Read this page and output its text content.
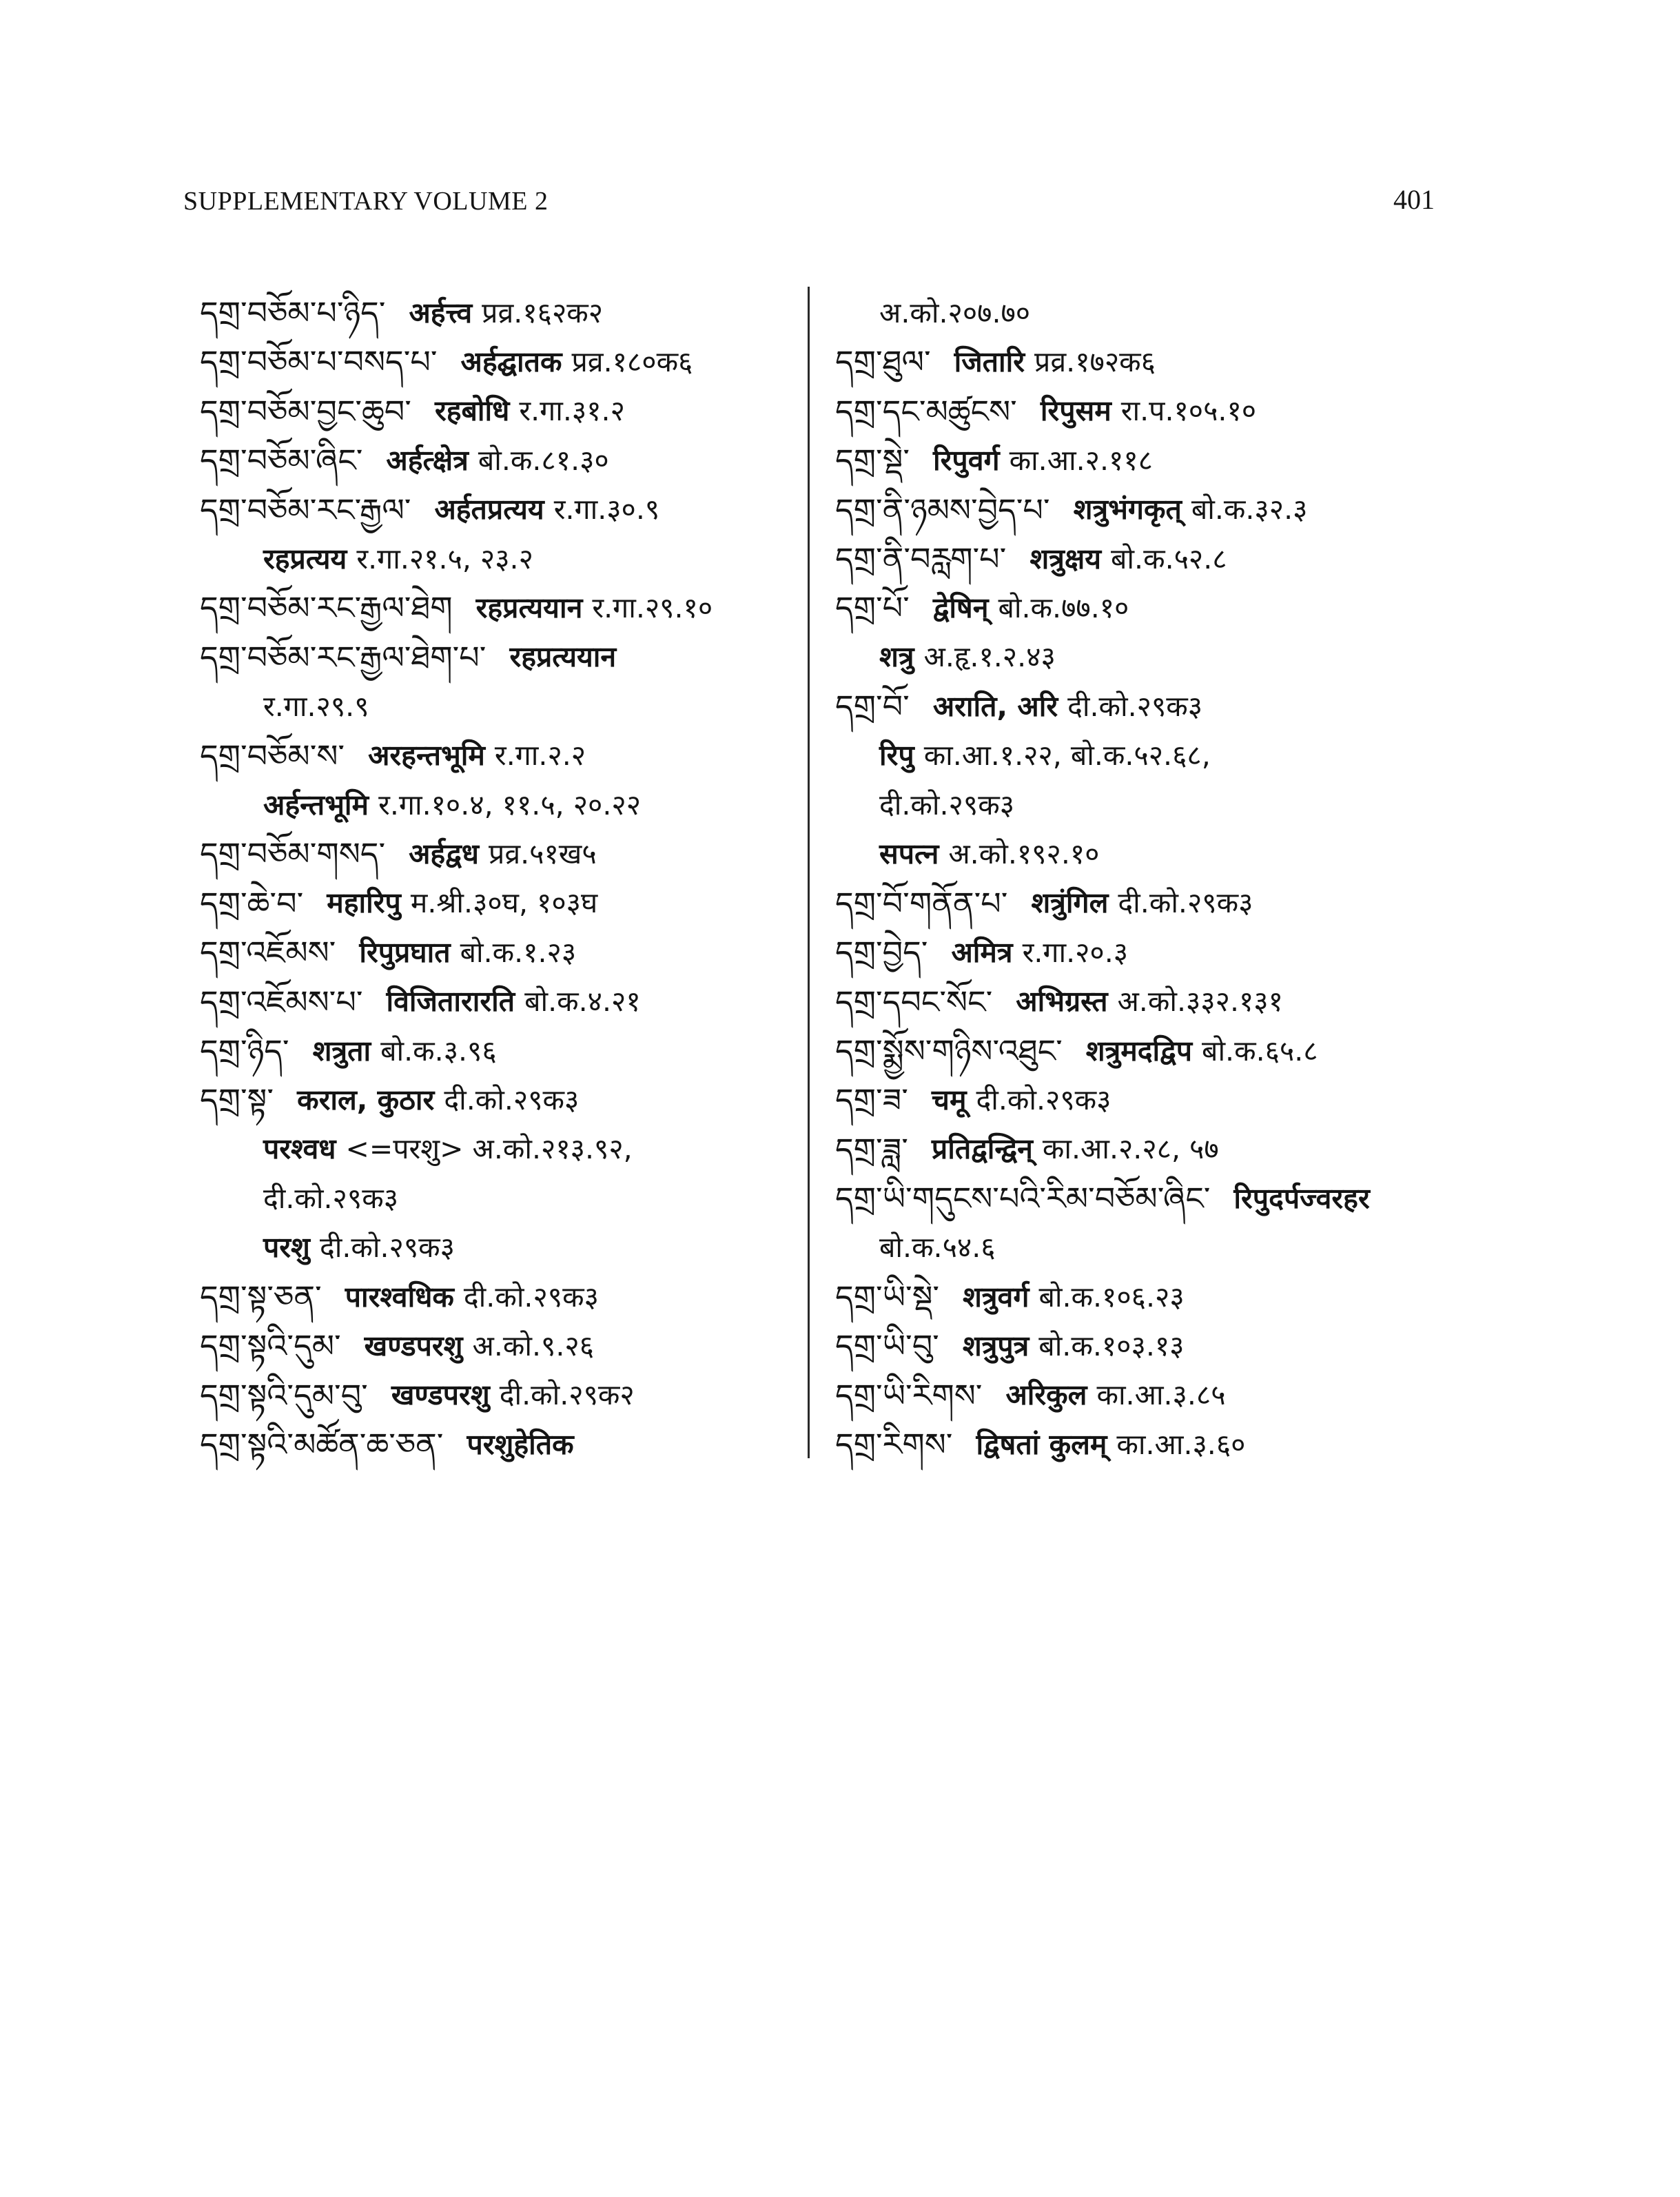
SUPPLEMENTARY VOLUME 2	401
དགྲ་བཅོམ་པ་ཉིད་ अर्हत्त्व प्रव्र.१६२क२
དགྲ་བཅོམ་པ་བསད་པ་ अर्हद्घातक प्रव्र.१८०क६
དགྲ་བཅོམ་བྱང་ཆུབ་ रहबोधि र.गा.३१.२
དགྲ་བཅོམ་ཞིང་ अर्हत्क्षेत्र बो.क.८१.३०
དགྲ་བཅོམ་རང་རྒྱལ་ अर्हतप्रत्यय र.गा.३०.९
रहप्रत्यय र.गा.२१.५, २३.२
དགྲ་བཅོམ་རང་རྒྱལ་ཐེག रहप्रत्ययान र.गा.२९.१०
དགྲ་བཅོམ་རང་རྒྱལ་ཐེག་པ་ रहप्रत्ययान
र.गा.२९.९
དགྲ་བཅོམ་ས་ अरहन्तभूमि र.गा.२.२
अर्हन्तभूमि र.गा.१०.४, ११.५, २०.२२
དགྲ་བཅོམ་གསད་ अर्हद्वध प्रव्र.५१ख५
དགྲ་ཆེ་བ་ महारिपु म.श्री.३०घ, १०३घ
དགྲ་འཇོམས་ रिपुप्रघात बो.क.१.२३
དགྲ་འཇོམས་པ་ विजितारारति बो.क.४.२१
དགྲ་ཉིད་ शत्रुता बो.क.३.९६
དགྲ་སྟ་ कराल, कुठार दी.को.२९क३
परश्वध <=परशु> अ.को.२१३.९२,
दी.को.२९क३
परशु दी.को.२९क३
དགྲ་སྟ་ཅན་ पारश्वधिक दी.को.२९क३
དགྲ་སྟའི་དུམ་ खण्डपरशु अ.को.९.२६
དགྲ་སྟའི་དུམ་བུ་ खण्डपरशु दी.को.२९क२
དགྲ་སྟའི་མཚོན་ཆ་ཅན་ परशुहेतिक
अ.को.२०७.७०
དགྲ་ཐུལ་ जितारि प्रव्र.१७२क६
དགྲ་དང་མཚུངས་ रिपुसम रा.प.१०५.१०
དགྲ་སྡེ་ रिपुवर्ग का.आ.२.११८
དགྲ་ནི་ཉམས་བྱེད་པ་ शत्रुभंगकृत् बो.क.३२.३
དགྲ་ནི་བརླག་པ་ शत्रुक्षय बो.क.५२.८
དགྲ་པོ་ द्वेषिन् बो.क.७७.१०
शत्रु अ.हृ.१.२.४३
དགྲ་བོ་ अराति, अरि दी.को.२९क३
रिपु का.आ.१.२२, बो.क.५२.६८,
दी.को.२९क३
सपत्न अ.को.१९२.१०
དགྲ་བོ་གནོན་པ་ शत्रुंगिल दी.को.२९क३
དགྲ་བྱེད་ अमित्र र.गा.२०.३
དགྲ་དབང་སོང་ अभिग्रस्त अ.को.३३२.१३१
དགྲ་སྨྱོས་གཉིས་འཐུང་ शत्रुमदद्विप बो.क.६५.८
དགྲ་ཟ་ चमू दी.को.२९क३
དགྲ་ཟླ་ प्रतिद्वन्द्विन् का.आ.२.२८, ५७
དགྲ་ཡི་གདུངས་པའི་རིམ་བཅོམ་ཞིང་ रिपुदर्पज्वरहर
बो.क.५४.६
དགྲ་ཡི་སྡེ་ शत्रुवर्ग बो.क.१०६.२३
དགྲ་ཡི་བུ་ शत्रुपुत्र बो.क.१०३.१३
དགྲ་ཡི་རིགས་ अरिकुल का.आ.३.८५
དགྲ་རིགས་ द्विषतां कुलम् का.आ.३.६०
